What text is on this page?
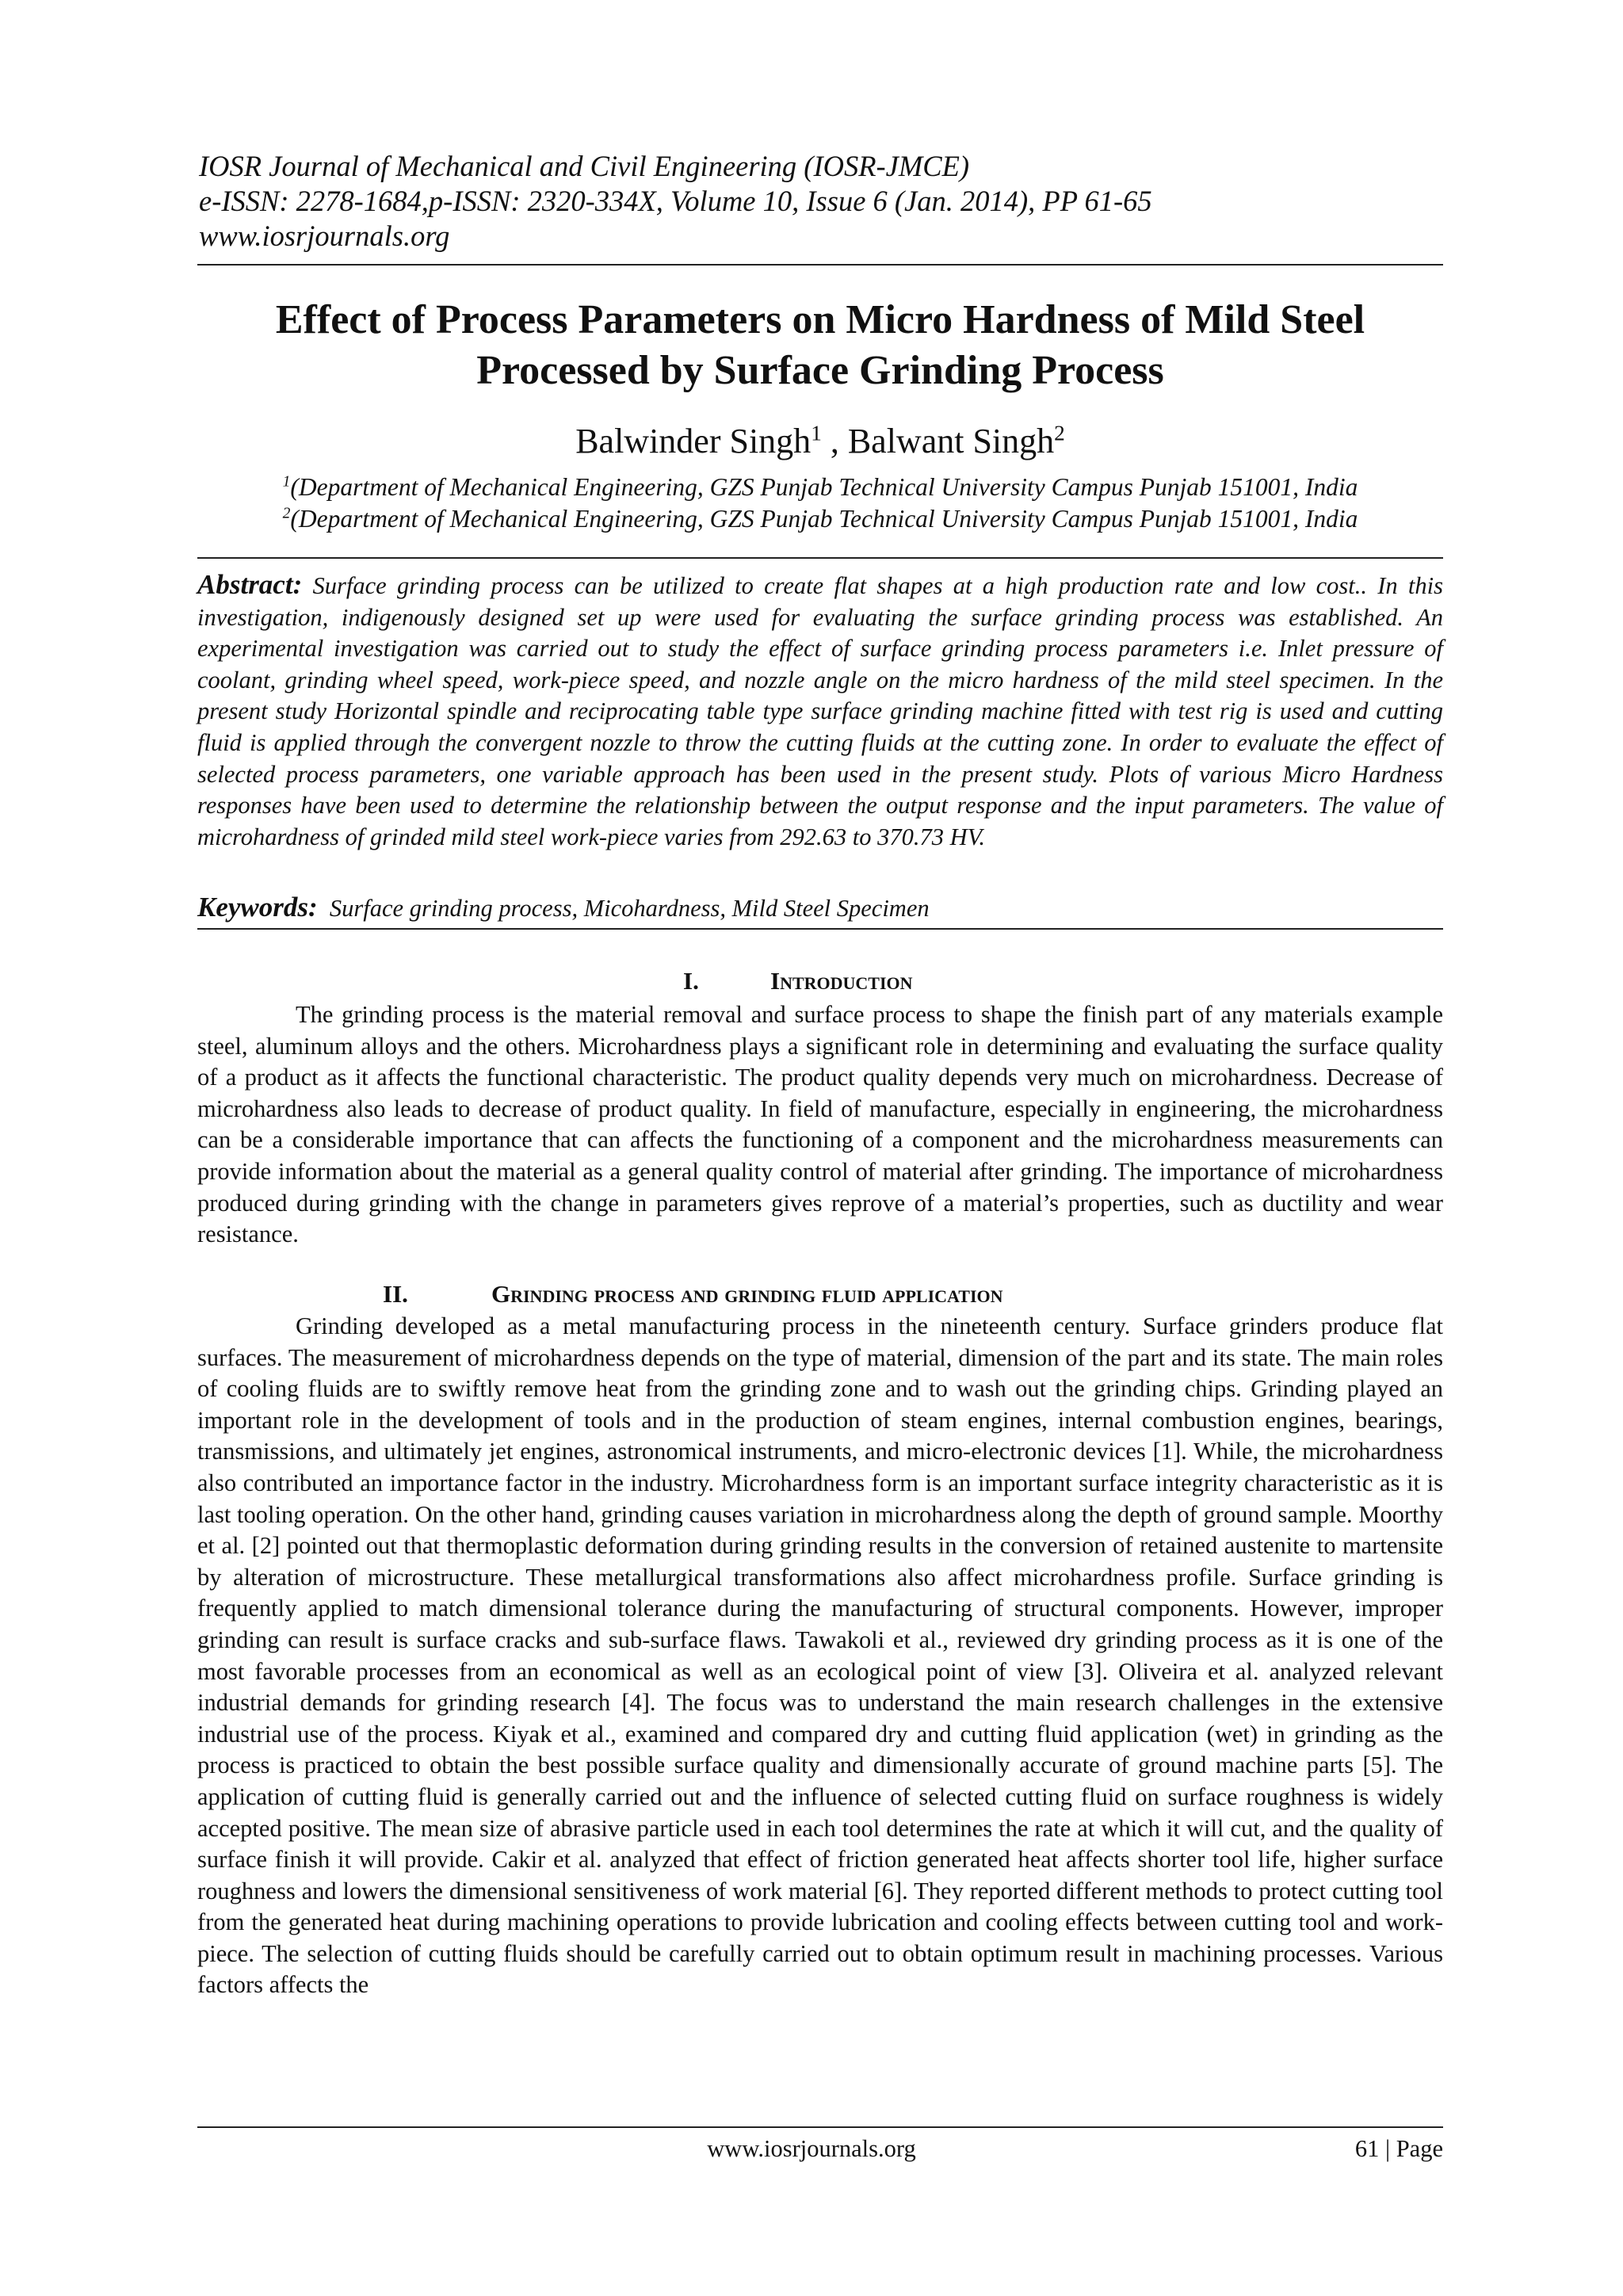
IOSR Journal of Mechanical and Civil Engineering (IOSR-JMCE)
e-ISSN: 2278-1684,p-ISSN: 2320-334X, Volume 10, Issue 6 (Jan. 2014), PP 61-65
www.iosrjournals.org
Effect of Process Parameters on Micro Hardness of Mild Steel
Processed by Surface Grinding Process
Balwinder Singh$^1$ , Balwant Singh$^2$
$^1$(Department of Mechanical Engineering, GZS Punjab Technical University Campus Punjab 151001, India
$^2$(Department of Mechanical Engineering, GZS Punjab Technical University Campus Punjab 151001, India
Abstract: Surface grinding process can be utilized to create flat shapes at a high production rate and low cost.. In this investigation, indigenously designed set up were used for evaluating the surface grinding process was established. An experimental investigation was carried out to study the effect of surface grinding process parameters i.e. Inlet pressure of coolant, grinding wheel speed, work-piece speed, and nozzle angle on the micro hardness of the mild steel specimen. In the present study Horizontal spindle and reciprocating table type surface grinding machine fitted with test rig is used and cutting fluid is applied through the convergent nozzle to throw the cutting fluids at the cutting zone. In order to evaluate the effect of selected process parameters, one variable approach has been used in the present study. Plots of various Micro Hardness responses have been used to determine the relationship between the output response and the input parameters. The value of microhardness of grinded mild steel work-piece varies from 292.63 to 370.73 HV.
Keywords: Surface grinding process, Micohardness, Mild Steel Specimen
I.	Introduction

The grinding process is the material removal and surface process to shape the finish part of any materials example steel, aluminum alloys and the others. Microhardness plays a significant role in determining and evaluating the surface quality of a product as it affects the functional characteristic. The product quality depends very much on microhardness. Decrease of microhardness also leads to decrease of product quality. In field of manufacture, especially in engineering, the microhardness can be a considerable importance that can affects the functioning of a component and the microhardness measurements can provide information about the material as a general quality control of material after grinding. The importance of microhardness produced during grinding with the change in parameters gives reprove of a material’s properties, such as ductility and wear resistance.

II.	Grinding process and grinding fluid application

Grinding developed as a metal manufacturing process in the nineteenth century. Surface grinders produce flat surfaces. The measurement of microhardness depends on the type of material, dimension of the part and its state. The main roles of cooling fluids are to swiftly remove heat from the grinding zone and to wash out the grinding chips. Grinding played an important role in the development of tools and in the production of steam engines, internal combustion engines, bearings, transmissions, and ultimately jet engines, astronomical instruments, and micro-electronic devices [1]. While, the microhardness also contributed an importance factor in the industry. Microhardness form is an important surface integrity characteristic as it is last tooling operation. On the other hand, grinding causes variation in microhardness along the depth of ground sample. Moorthy et al. [2] pointed out that thermoplastic deformation during grinding results in the conversion of retained austenite to martensite by alteration of microstructure. These metallurgical transformations also affect microhardness profile. Surface grinding is frequently applied to match dimensional tolerance during the manufacturing of structural components. However, improper grinding can result is surface cracks and sub-surface flaws. Tawakoli et al., reviewed dry grinding process as it is one of the most favorable processes from an economical as well as an ecological point of view [3]. Oliveira et al. analyzed relevant industrial demands for grinding research [4]. The focus was to understand the main research challenges in the extensive industrial use of the process. Kiyak et al., examined and compared dry and cutting fluid application (wet) in grinding as the process is practiced to obtain the best possible surface quality and dimensionally accurate of ground machine parts [5]. The application of cutting fluid is generally carried out and the influence of selected cutting fluid on surface roughness is widely accepted positive. The mean size of abrasive particle used in each tool determines the rate at which it will cut, and the quality of surface finish it will provide. Cakir et al. analyzed that effect of friction generated heat affects shorter tool life, higher surface roughness and lowers the dimensional sensitiveness of work material [6]. They reported different methods to protect cutting tool from the generated heat during machining operations to provide lubrication and cooling effects between cutting tool and work-piece. The selection of cutting fluids should be carefully carried out to obtain optimum result in machining processes. Various factors affects the

www.iosrjournals.org	61 | Page
